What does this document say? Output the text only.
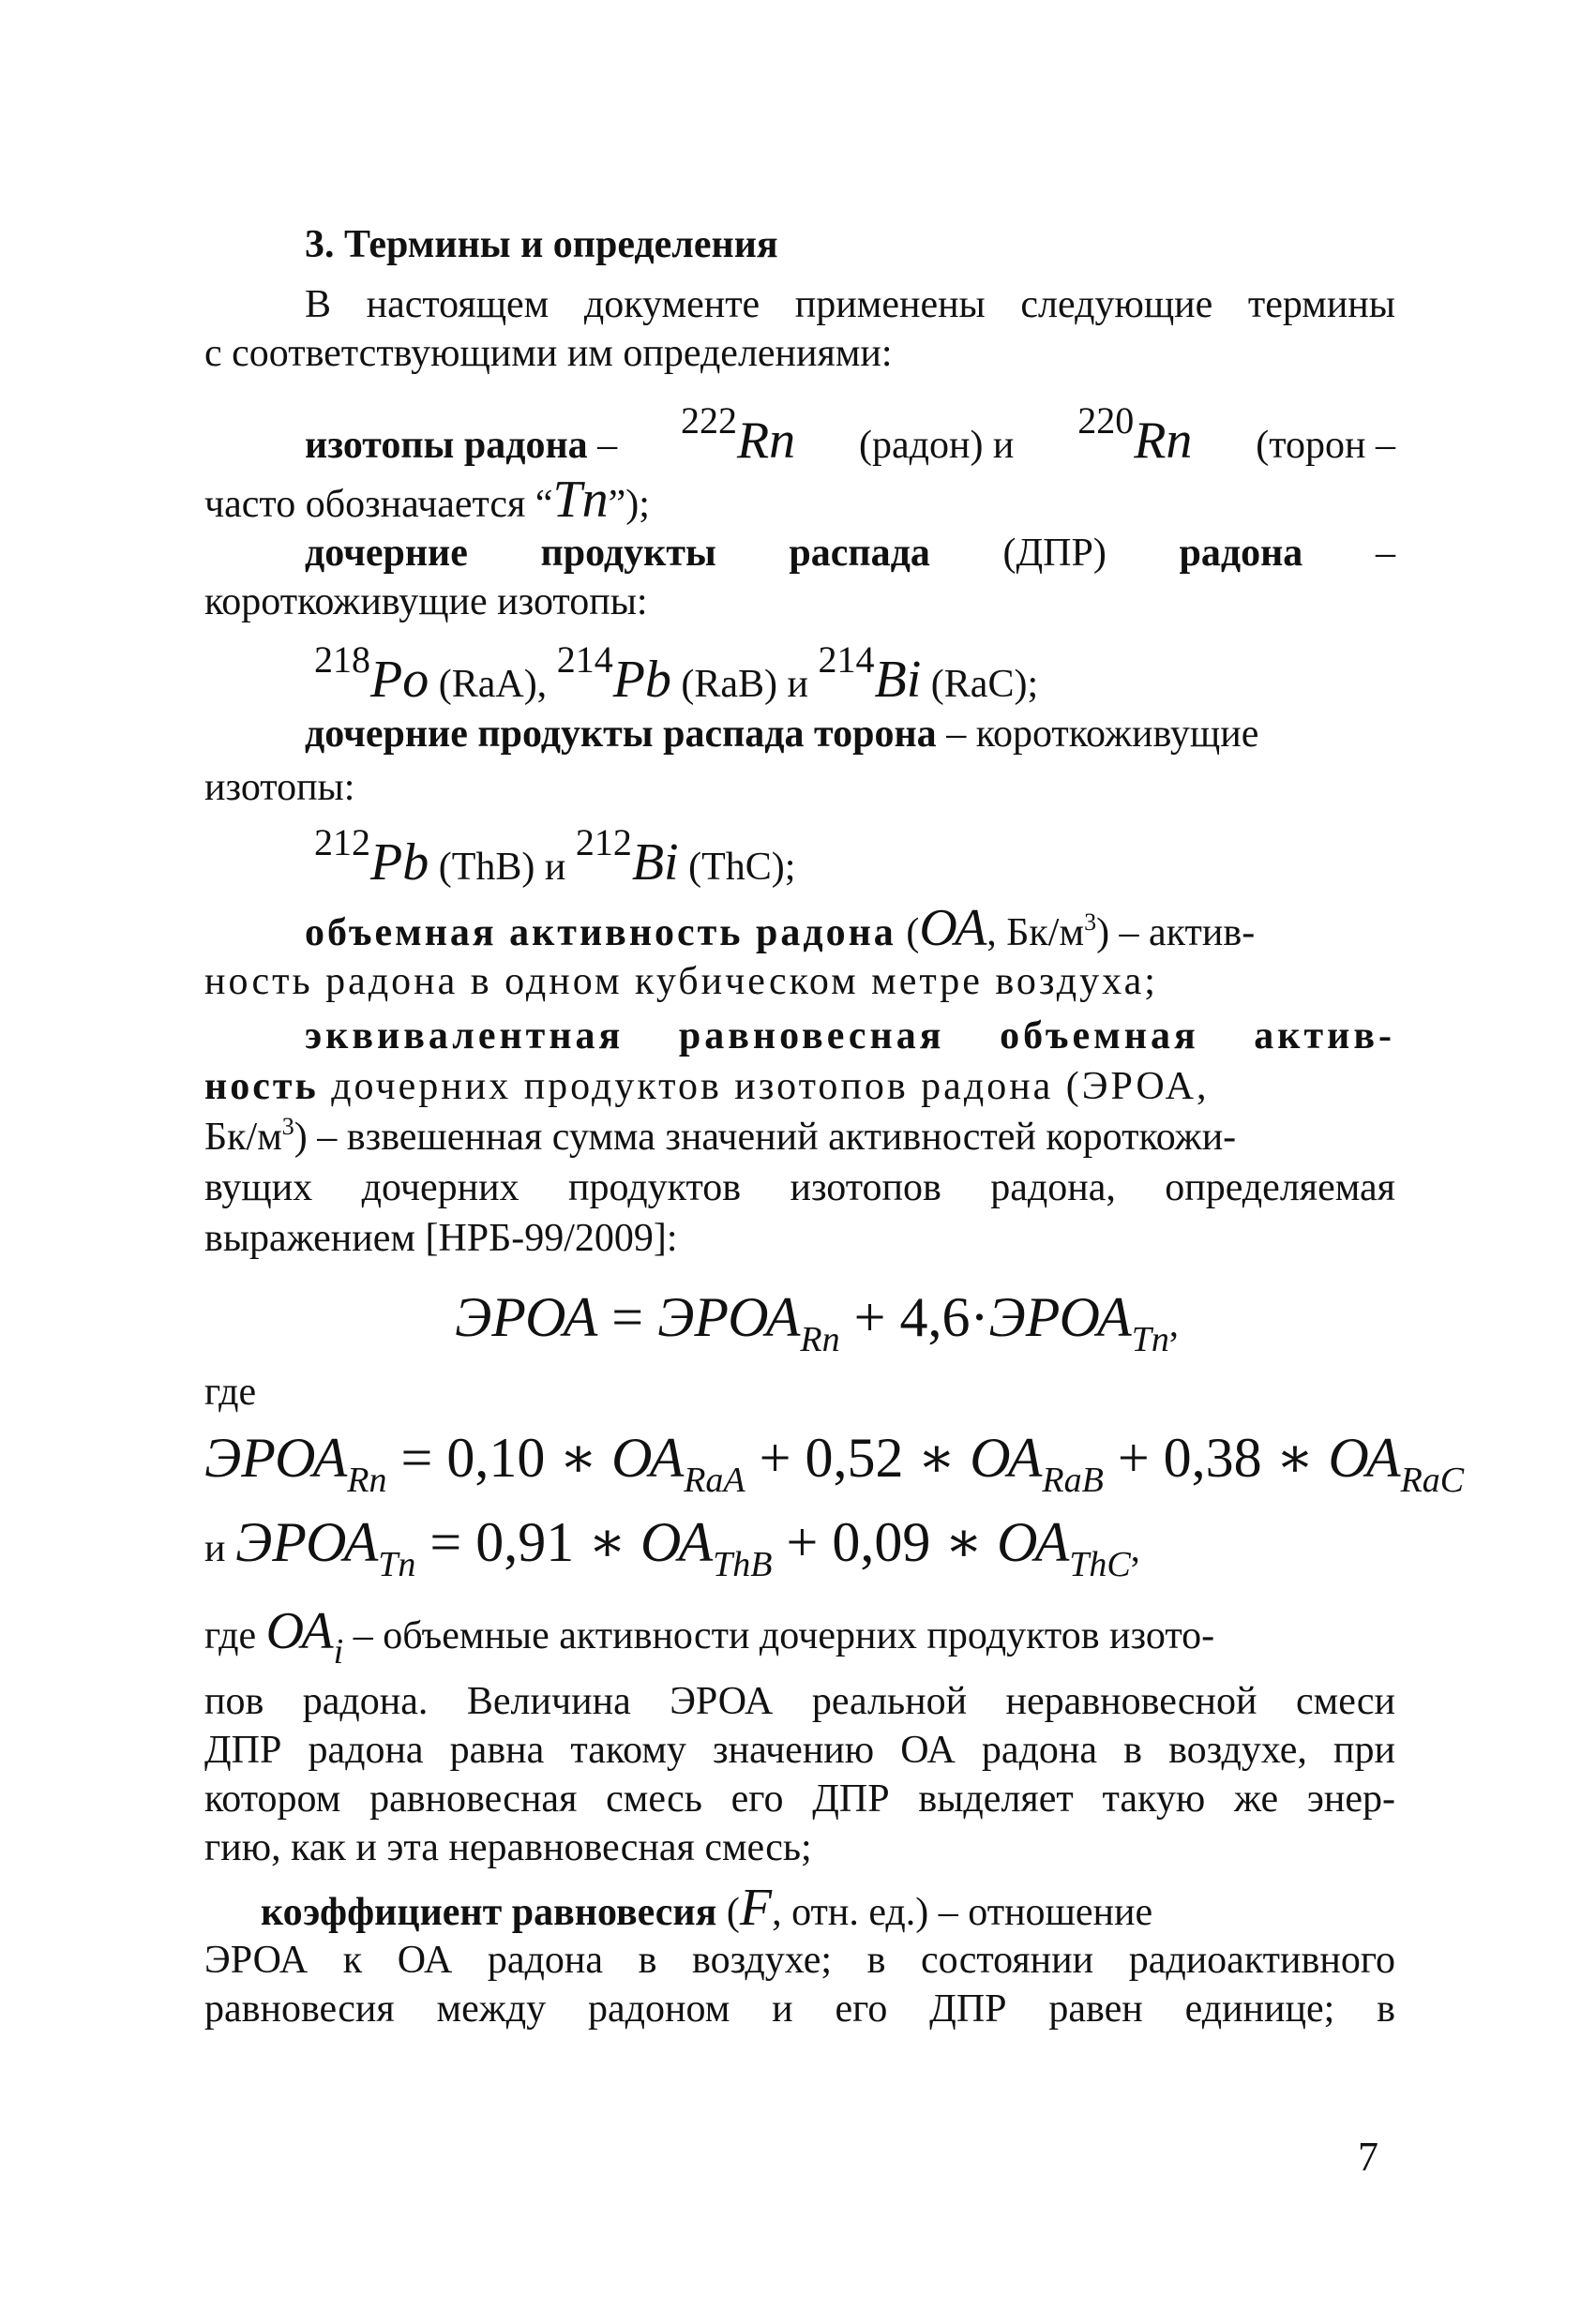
3. Термины и определения
В настоящем документе применены следующие термины
с соответствующими им определениями:
изотопы радона –
222Rn (радон) и
220Rn (торон –
часто обозначается “Tn”);
дочерние продукты распада (ДПР) радона –
короткоживущие изотопы:
218Po (RaA), 214Pb (RaB) и 214Bi (RaC);
дочерние продукты распада торона – короткоживущие
изотопы:
212Pb (ThB) и 212Bi (ThC);
объемная активность радона (ОА, $Бк/м^3$) – актив-
ность радона в одном кубическом метре воздуха;
эквивалентная равновесная объемная актив-
ность дочерних продуктов изотопов радона (ЭРОА,
$Бк/м^3$) – взвешенная сумма значений активностей короткожи-
вущих дочерних продуктов изотопов радона, определяемая
выражением [НРБ-99/2009]:
ЭРОА = ЭРОАRn + 4,6·ЭРОАTn,
где
ЭРОАRn = 0,10 ∗ ОАRaA + 0,52 ∗ ОАRaB + 0,38 ∗ ОАRaC
и ЭРОАTn = 0,91 ∗ ОАThB + 0,09 ∗ ОАThC,
где ОАi – объемные активности дочерних продуктов изото-
пов радона. Величина ЭРОА реальной неравновесной смеси
ДПР радона равна такому значению ОА радона в воздухе, при
котором равновесная смесь его ДПР выделяет такую же энер-
гию, как и эта неравновесная смесь;
коэффициент равновесия (F, отн. ед.) – отношение
ЭРОА к ОА радона в воздухе; в состоянии радиоактивного
равновесия между радоном и его ДПР равен единице; в
7
